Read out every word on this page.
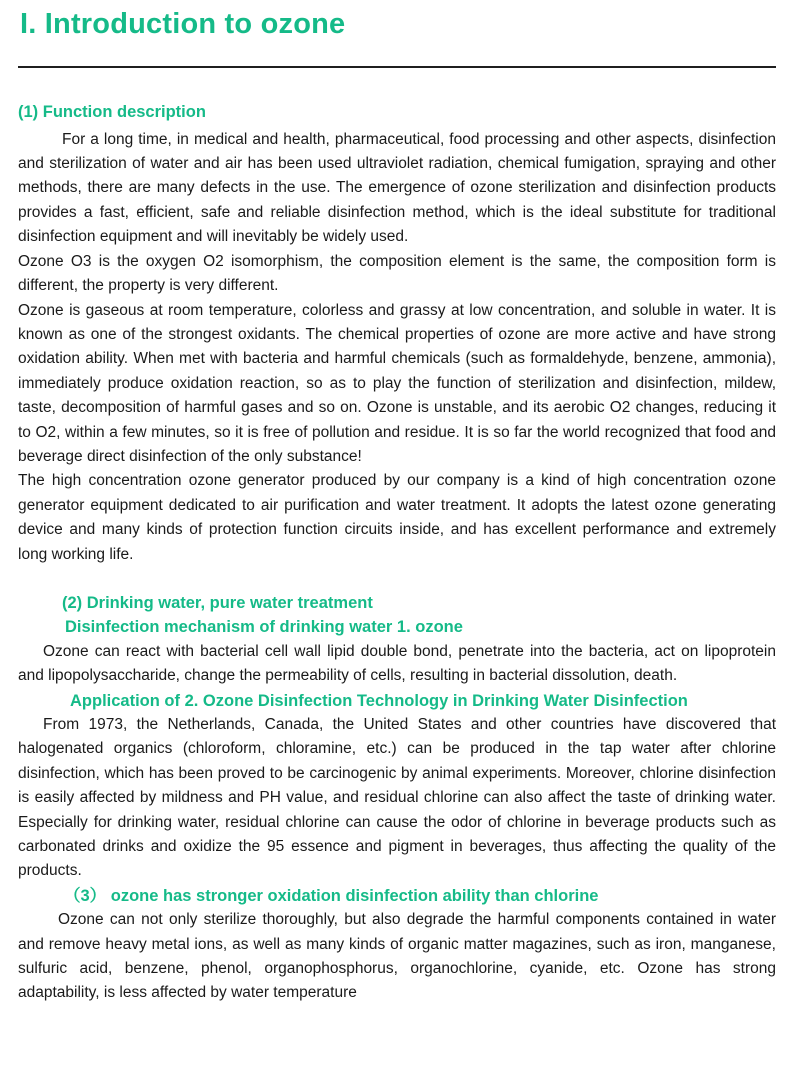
I. Introduction to ozone
(1) Function description

For a long time, in medical and health, pharmaceutical, food processing and other aspects, disinfection and sterilization of water and air has been used ultraviolet radiation, chemical fumigation, spraying and other methods, there are many defects in the use. The emergence of ozone sterilization and disinfection products provides a fast, efficient, safe and reliable disinfection method, which is the ideal substitute for traditional disinfection equipment and will inevitably be widely used.

Ozone O3 is the oxygen O2 isomorphism, the composition element is the same, the composition form is different, the property is very different.

Ozone is gaseous at room temperature, colorless and grassy at low concentration, and soluble in water. It is known as one of the strongest oxidants. The chemical properties of ozone are more active and have strong oxidation ability. When met with bacteria and harmful chemicals (such as formaldehyde, benzene, ammonia), immediately produce oxidation reaction, so as to play the function of sterilization and disinfection, mildew, taste, decomposition of harmful gases and so on. Ozone is unstable, and its aerobic O2 changes, reducing it to O2, within a few minutes, so it is free of pollution and residue. It is so far the world recognized that food and beverage direct disinfection of the only substance!

The high concentration ozone generator produced by our company is a kind of high concentration ozone generator equipment dedicated to air purification and water treatment. It adopts the latest ozone generating device and many kinds of protection function circuits inside, and has excellent performance and extremely long working life.

(2) Drinking water, pure water treatment
Disinfection mechanism of drinking water 1. ozone

Ozone can react with bacterial cell wall lipid double bond, penetrate into the bacteria, act on lipoprotein and lipopolysaccharide, change the permeability of cells, resulting in bacterial dissolution, death.

Application of 2. Ozone Disinfection Technology in Drinking Water Disinfection

From 1973, the Netherlands, Canada, the United States and other countries have discovered that halogenated organics (chloroform, chloramine, etc.) can be produced in the tap water after chlorine disinfection, which has been proved to be carcinogenic by animal experiments. Moreover, chlorine disinfection is easily affected by mildness and PH value, and residual chlorine can also affect the taste of drinking water. Especially for drinking water, residual chlorine can cause the odor of chlorine in beverage products such as carbonated drinks and oxidize the 95 essence and pigment in beverages, thus affecting the quality of the products.

（3） ozone has stronger oxidation disinfection ability than chlorine

Ozone can not only sterilize thoroughly, but also degrade the harmful components contained in water and remove heavy metal ions, as well as many kinds of organic matter magazines, such as iron, manganese, sulfuric acid, benzene, phenol, organophosphorus, organochlorine, cyanide, etc. Ozone has strong adaptability, is less affected by water temperature
